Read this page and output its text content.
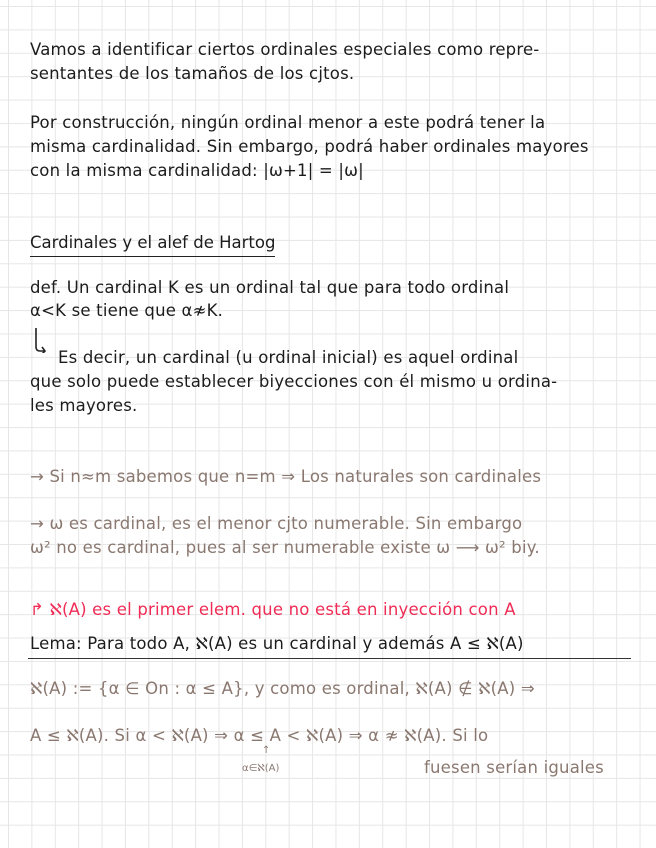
Vamos a identificar ciertos ordinales especiales como repre-
sentantes de los tamaños de los cjtos.
Por construcción, ningún ordinal menor a este podrá tener la
misma cardinalidad. Sin embargo, podrá haber ordinales mayores
con la misma cardinalidad: |ω+1| = |ω|
Cardinales y el alef de Hartog
def. Un cardinal K es un ordinal tal que para todo ordinal
α<K se tiene que α≉K.
Es decir, un cardinal (u ordinal inicial) es aquel ordinal
que solo puede establecer biyecciones con él mismo u ordina-
les mayores.
→ Si n≈m sabemos que n=m ⇒ Los naturales son cardinales
→ ω es cardinal, es el menor cjto numerable. Sin embargo
ω² no es cardinal, pues al ser numerable existe ω ⟶ ω² biy.
↱ ℵ(A) es el primer elem. que no está en inyección con A
Lema: Para todo A, ℵ(A) es un cardinal y además A ≤ ℵ(A)
ℵ(A) := {α ∈ On : α ≤ A}, y como es ordinal, ℵ(A) ∉ ℵ(A) ⇒
A ≤ ℵ(A). Si α < ℵ(A) ⇒ α ≤ A < ℵ(A) ⇒ α ≉ ℵ(A). Si lo
↑
α∈ℵ(A)	fuesen serían iguales
